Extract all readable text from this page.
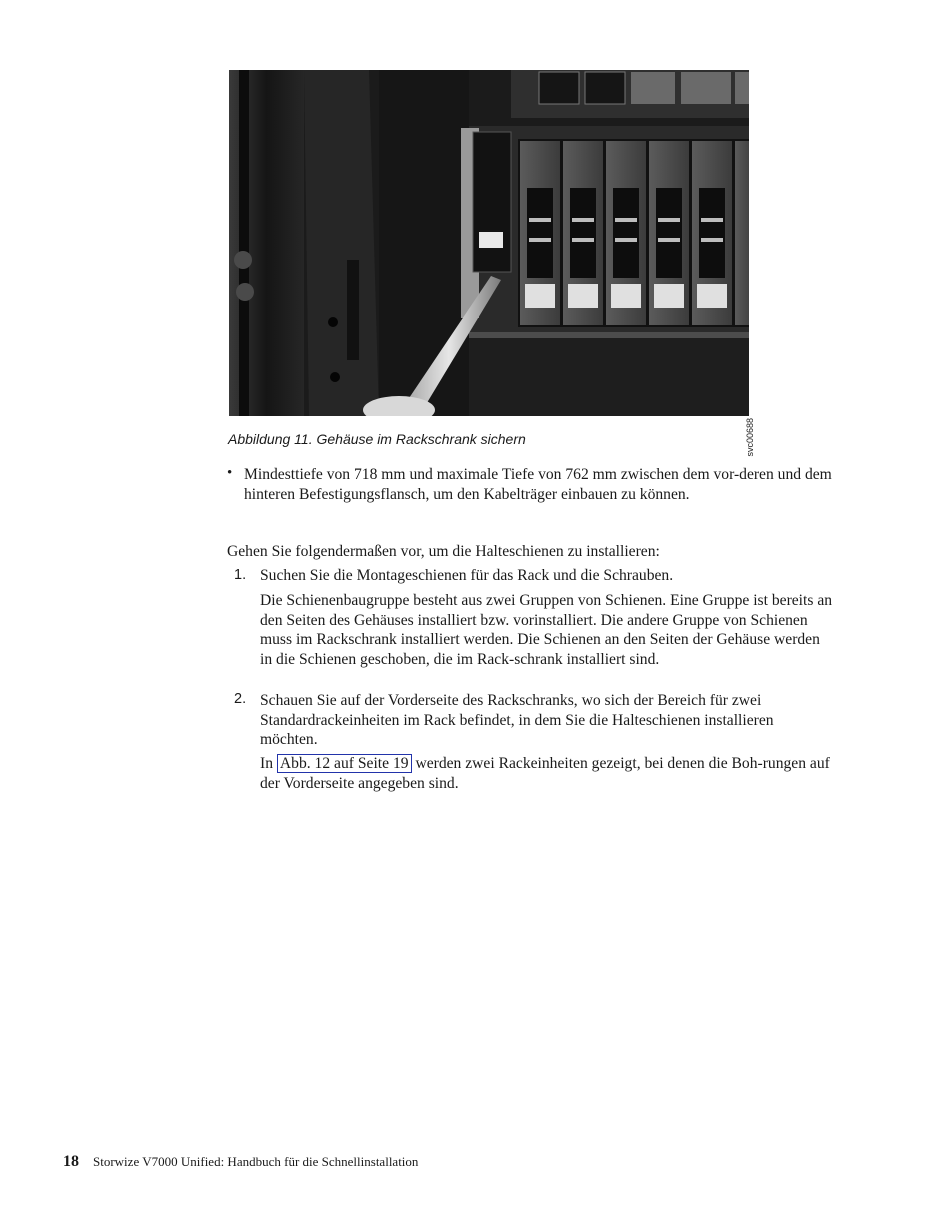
svc00688
Abbildung 11. Gehäuse im Rackschrank sichern
• Mindesttiefe von 718 mm und maximale Tiefe von 762 mm zwischen dem vor-deren und dem hinteren Befestigungsflansch, um den Kabelträger einbauen zu können.
Gehen Sie folgendermaßen vor, um die Halteschienen zu installieren:
1. Suchen Sie die Montageschienen für das Rack und die Schrauben.
Die Schienenbaugruppe besteht aus zwei Gruppen von Schienen. Eine Gruppe ist bereits an den Seiten des Gehäuses installiert bzw. vorinstalliert. Die andere Gruppe von Schienen muss im Rackschrank installiert werden. Die Schienen an den Seiten der Gehäuse werden in die Schienen geschoben, die im Rack-schrank installiert sind.
2. Schauen Sie auf der Vorderseite des Rackschranks, wo sich der Bereich für zwei Standardrackeinheiten im Rack befindet, in dem Sie die Halteschienen installieren möchten.
In Abb. 12 auf Seite 19 werden zwei Rackeinheiten gezeigt, bei denen die Boh-rungen auf der Vorderseite angegeben sind.
18 Storwize V7000 Unified: Handbuch für die Schnellinstallation
